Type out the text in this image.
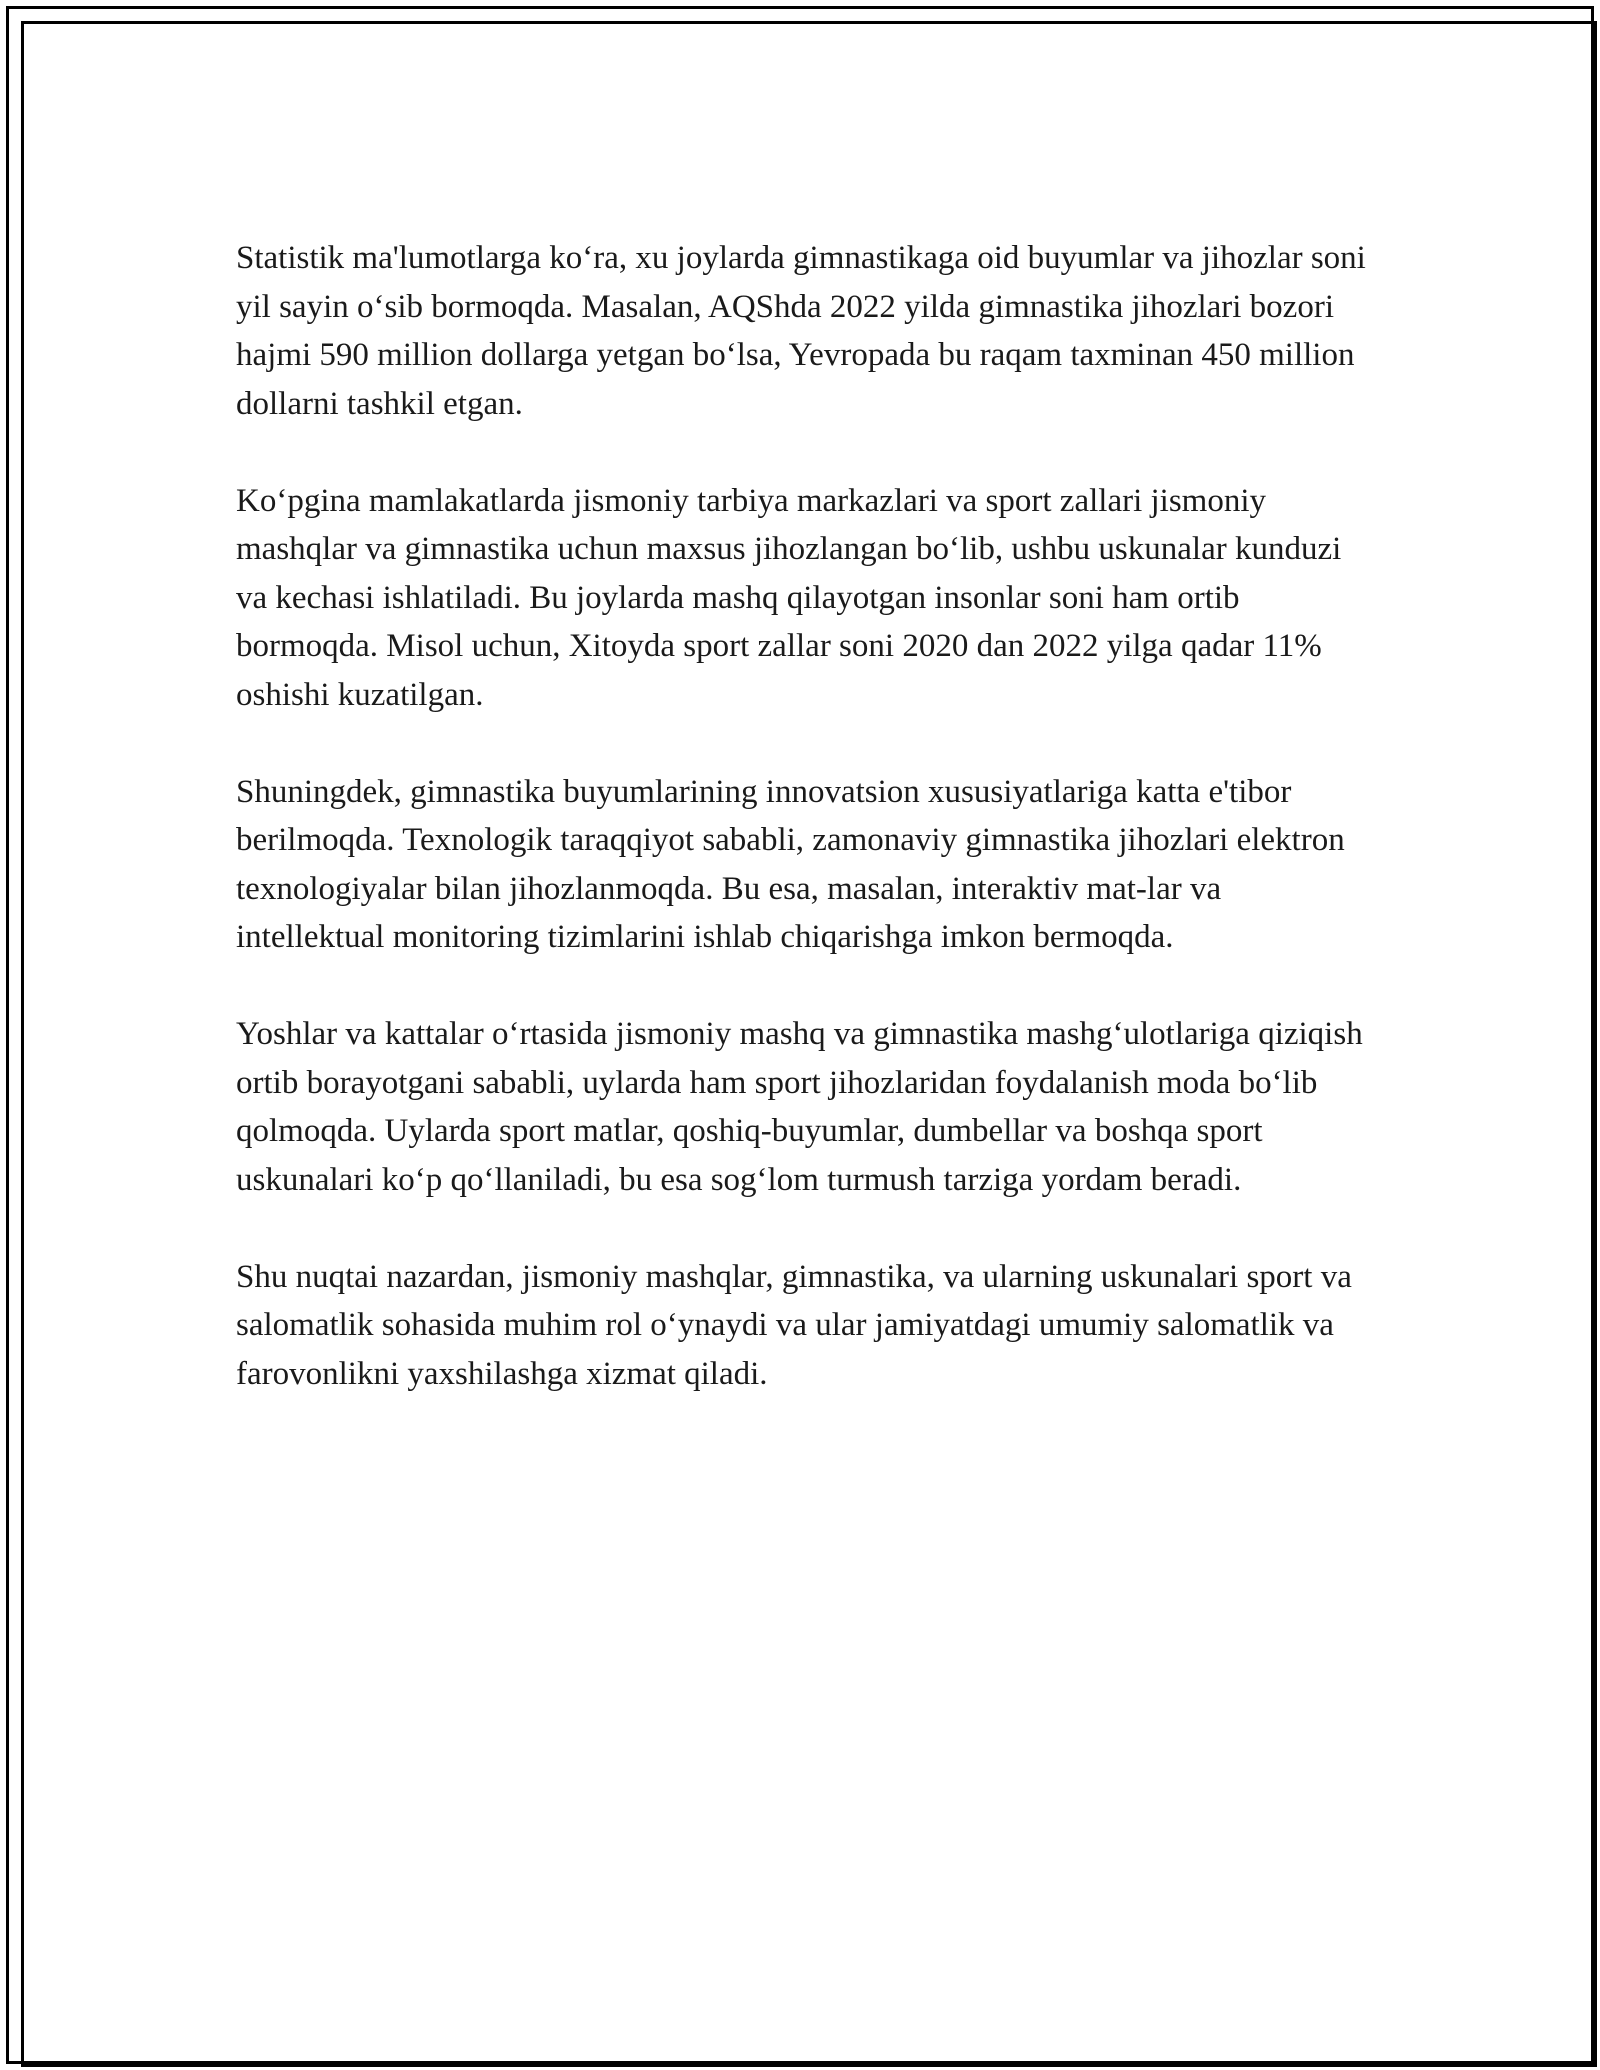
Statistik ma'lumotlarga ko‘ra, xu joylarda gimnastikaga oid buyumlar va jihozlar soni yil sayin o‘sib bormoqda. Masalan, AQShda 2022 yilda gimnastika jihozlari bozori hajmi 590 million dollarga yetgan bo‘lsa, Yevropada bu raqam taxminan 450 million dollarni tashkil etgan.

Ko‘pgina mamlakatlarda jismoniy tarbiya markazlari va sport zallari jismoniy mashqlar va gimnastika uchun maxsus jihozlangan bo‘lib, ushbu uskunalar kunduzi va kechasi ishlatiladi. Bu joylarda mashq qilayotgan insonlar soni ham ortib bormoqda. Misol uchun, Xitoyda sport zallar soni 2020 dan 2022 yilga qadar 11% oshishi kuzatilgan.

Shuningdek, gimnastika buyumlarining innovatsion xususiyatlariga katta e'tibor berilmoqda. Texnologik taraqqiyot sababli, zamonaviy gimnastika jihozlari elektron texnologiyalar bilan jihozlanmoqda. Bu esa, masalan, interaktiv mat-lar va intellektual monitoring tizimlarini ishlab chiqarishga imkon bermoqda.

Yoshlar va kattalar o‘rtasida jismoniy mashq va gimnastika mashg‘ulotlariga qiziqish ortib borayotgani sababli, uylarda ham sport jihozlaridan foydalanish moda bo‘lib qolmoqda. Uylarda sport matlar, qoshiq-buyumlar, dumbellar va boshqa sport uskunalari ko‘p qo‘llaniladi, bu esa sog‘lom turmush tarziga yordam beradi.

Shu nuqtai nazardan, jismoniy mashqlar, gimnastika, va ularning uskunalari sport va salomatlik sohasida muhim rol o‘ynaydi va ular jamiyatdagi umumiy salomatlik va farovonlikni yaxshilashga xizmat qiladi.
